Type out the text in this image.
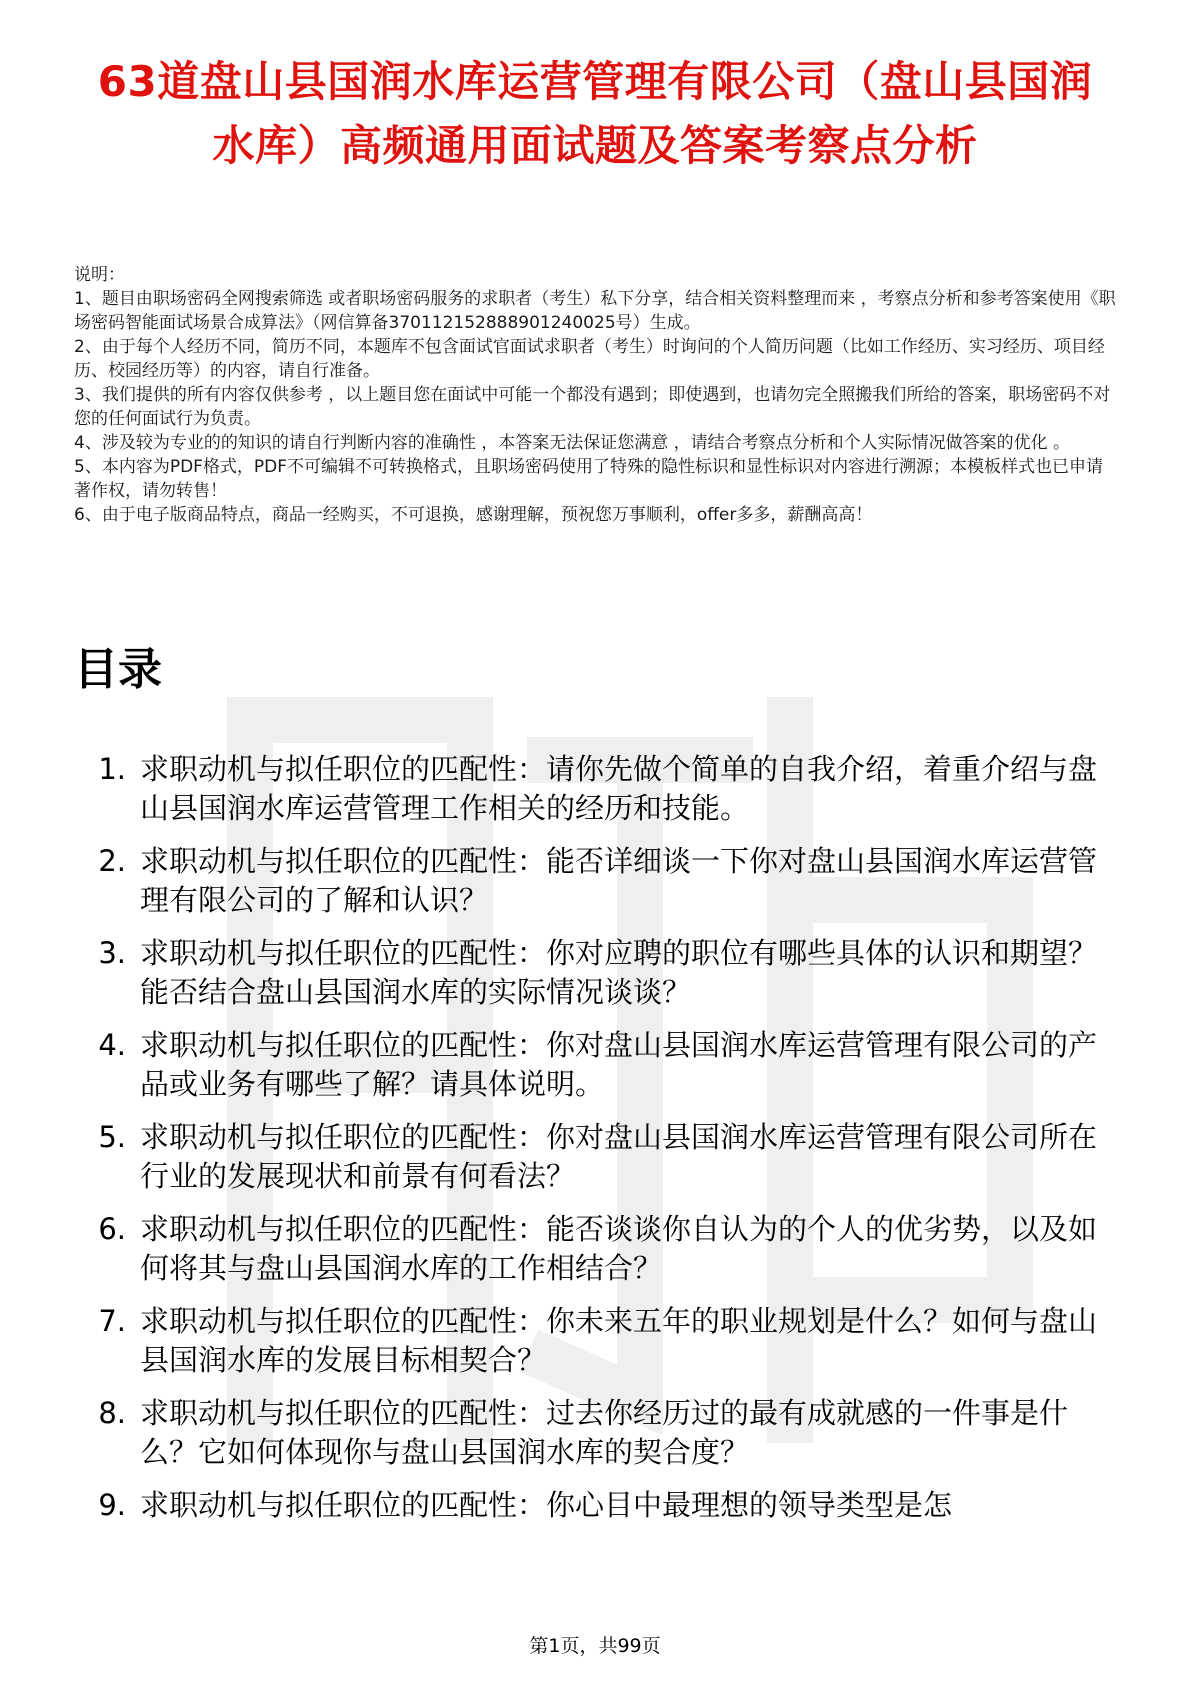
63道盘山县国润水库运营管理有限公司（盘山县国润水库）高频通用面试题及答案考察点分析

说明：

1、题目由职场密码全网搜索筛选 或者职场密码服务的求职者（考生）私下分享，结合相关资料整理而来 ，考察点分析和参考答案使用《职场密码智能面试场景合成算法》（网信算备370112152888901240025号）生成。

2、由于每个人经历不同，简历不同，本题库不包含面试官面试求职者（考生）时询问的个人简历问题（比如工作经历、实习经历、项目经历、校园经历等）的内容，请自行准备。

3、我们提供的所有内容仅供参考 ，以上题目您在面试中可能一个都没有遇到；即使遇到，也请勿完全照搬我们所给的答案，职场密码不对您的任何面试行为负责。

4、涉及较为专业的的知识的请自行判断内容的准确性 ，本答案无法保证您满意 ，请结合考察点分析和个人实际情况做答案的优化 。

5、本内容为PDF格式，PDF不可编辑不可转换格式，且职场密码使用了特殊的隐性标识和显性标识对内容进行溯源；本模板样式也已申请著作权，请勿转售！

6、由于电子版商品特点，商品一经购买，不可退换，感谢理解，预祝您万事顺利，offer多多，薪酬高高！

目录
1. 求职动机与拟任职位的匹配性：请你先做个简单的自我介绍，着重介绍与盘山县国润水库运营管理工作相关的经历和技能。
2. 求职动机与拟任职位的匹配性：能否详细谈一下你对盘山县国润水库运营管理有限公司的了解和认识？
3. 求职动机与拟任职位的匹配性：你对应聘的职位有哪些具体的认识和期望？能否结合盘山县国润水库的实际情况谈谈？
4. 求职动机与拟任职位的匹配性：你对盘山县国润水库运营管理有限公司的产品或业务有哪些了解？请具体说明。
5. 求职动机与拟任职位的匹配性：你对盘山县国润水库运营管理有限公司所在行业的发展现状和前景有何看法？
6. 求职动机与拟任职位的匹配性：能否谈谈你自认为的个人的优劣势，以及如何将其与盘山县国润水库的工作相结合？
7. 求职动机与拟任职位的匹配性：你未来五年的职业规划是什么？如何与盘山县国润水库的发展目标相契合？
8. 求职动机与拟任职位的匹配性：过去你经历过的最有成就感的一件事是什么？它如何体现你与盘山县国润水库的契合度？
9. 求职动机与拟任职位的匹配性：你心目中最理想的领导类型是怎
第1页，共99页
